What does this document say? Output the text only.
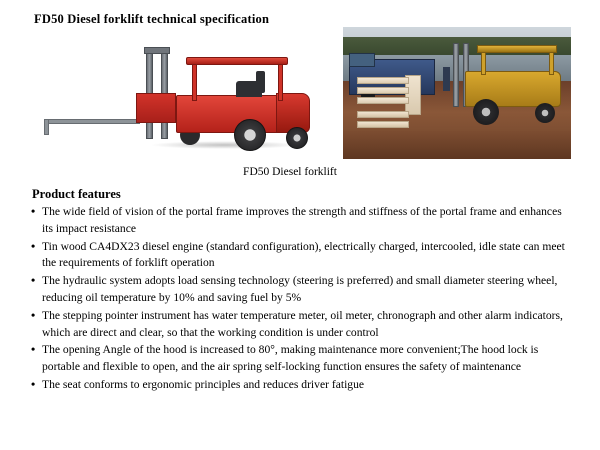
FD50 Diesel forklift technical specification
FD50 Diesel forklift
Product features
• The wide field of vision of the portal frame improves the strength and stiffness of the portal frame and enhances its impact resistance
• Tin wood CA4DX23 diesel engine (standard configuration), electrically charged, intercooled, idle state can meet the requirements of forklift operation
• The hydraulic system adopts load sensing technology (steering is preferred) and small diameter steering wheel, reducing oil temperature by 10% and saving fuel by 5%
• The stepping pointer instrument has water temperature meter, oil meter, chronograph and other alarm indicators, which are direct and clear, so that the working condition is under control
• The opening Angle of the hood is increased to 80°, making maintenance more convenient;The hood lock is portable and flexible to open, and the air spring self-locking function ensures the safety of maintenance
• The seat conforms to ergonomic principles and reduces driver fatigue
